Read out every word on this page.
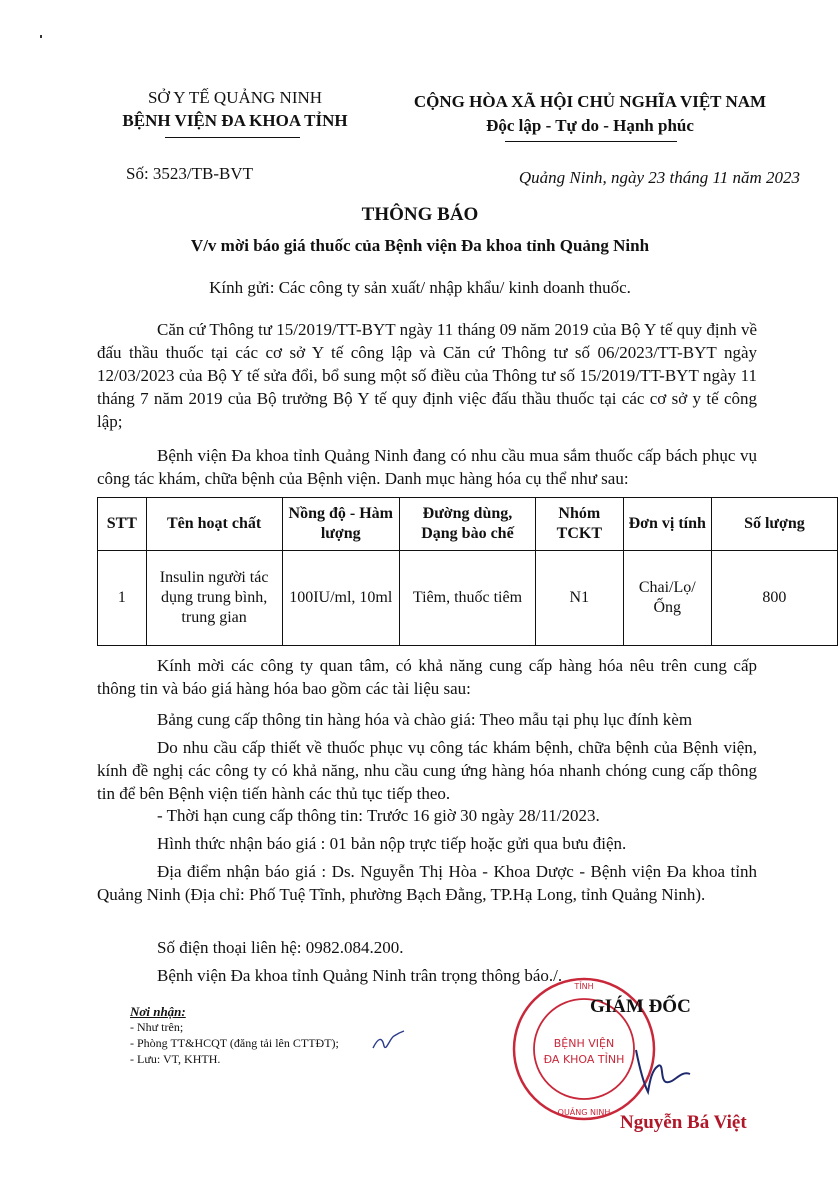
SỞ Y TẾ QUẢNG NINH
BỆNH VIỆN ĐA KHOA TỈNH
CỘNG HÒA XÃ HỘI CHỦ NGHĨA VIỆT NAM
Độc lập - Tự do - Hạnh phúc
Số: 3523/TB-BVT	Quảng Ninh, ngày 23 tháng 11 năm 2023
THÔNG BÁO
V/v mời báo giá thuốc của Bệnh viện Đa khoa tỉnh Quảng Ninh
Kính gửi: Các công ty sản xuất/ nhập khẩu/ kinh doanh thuốc.
Căn cứ Thông tư 15/2019/TT-BYT ngày 11 tháng 09 năm 2019 của Bộ Y tế quy định về đấu thầu thuốc tại các cơ sở Y tế công lập và Căn cứ Thông tư số 06/2023/TT-BYT ngày 12/03/2023 của Bộ Y tế sửa đổi, bổ sung một số điều của Thông tư số 15/2019/TT-BYT ngày 11 tháng 7 năm 2019 của Bộ trưởng Bộ Y tế quy định việc đấu thầu thuốc tại các cơ sở y tế công lập;
Bệnh viện Đa khoa tỉnh Quảng Ninh đang có nhu cầu mua sắm thuốc cấp bách phục vụ công tác khám, chữa bệnh của Bệnh viện. Danh mục hàng hóa cụ thể như sau:
STT	Tên hoạt chất	Nồng độ - Hàm lượng	Đường dùng, Dạng bào chế	Nhóm TCKT	Đơn vị tính	Số lượng
1	Insulin người tác dụng trung bình, trung gian	100IU/ml, 10ml	Tiêm, thuốc tiêm	N1	Chai/Lọ/ Ống	800
Kính mời các công ty quan tâm, có khả năng cung cấp hàng hóa nêu trên cung cấp thông tin và báo giá hàng hóa bao gồm các tài liệu sau:
Bảng cung cấp thông tin hàng hóa và chào giá: Theo mẫu tại phụ lục đính kèm
Do nhu cầu cấp thiết về thuốc phục vụ công tác khám bệnh, chữa bệnh của Bệnh viện, kính đề nghị các công ty có khả năng, nhu cầu cung ứng hàng hóa nhanh chóng cung cấp thông tin để bên Bệnh viện tiến hành các thủ tục tiếp theo.
- Thời hạn cung cấp thông tin: Trước 16 giờ 30 ngày 28/11/2023.
Hình thức nhận báo giá : 01 bản nộp trực tiếp hoặc gửi qua bưu điện.
Địa điểm nhận báo giá : Ds. Nguyễn Thị Hòa - Khoa Dược - Bệnh viện Đa khoa tỉnh Quảng Ninh (Địa chỉ: Phố Tuệ Tĩnh, phường Bạch Đằng, TP.Hạ Long, tỉnh Quảng Ninh).
Số điện thoại liên hệ: 0982.084.200.
Bệnh viện Đa khoa tỉnh Quảng Ninh trân trọng thông báo./.
Nơi nhận:
- Như trên;
- Phòng TT&HCQT (đăng tải lên CTTĐT);
- Lưu: VT, KHTH.
TỈNH
BỆNH VIỆN
ĐA KHOA TỈNH
QUẢNG NINH
GIÁM ĐỐC
Nguyễn Bá Việt
